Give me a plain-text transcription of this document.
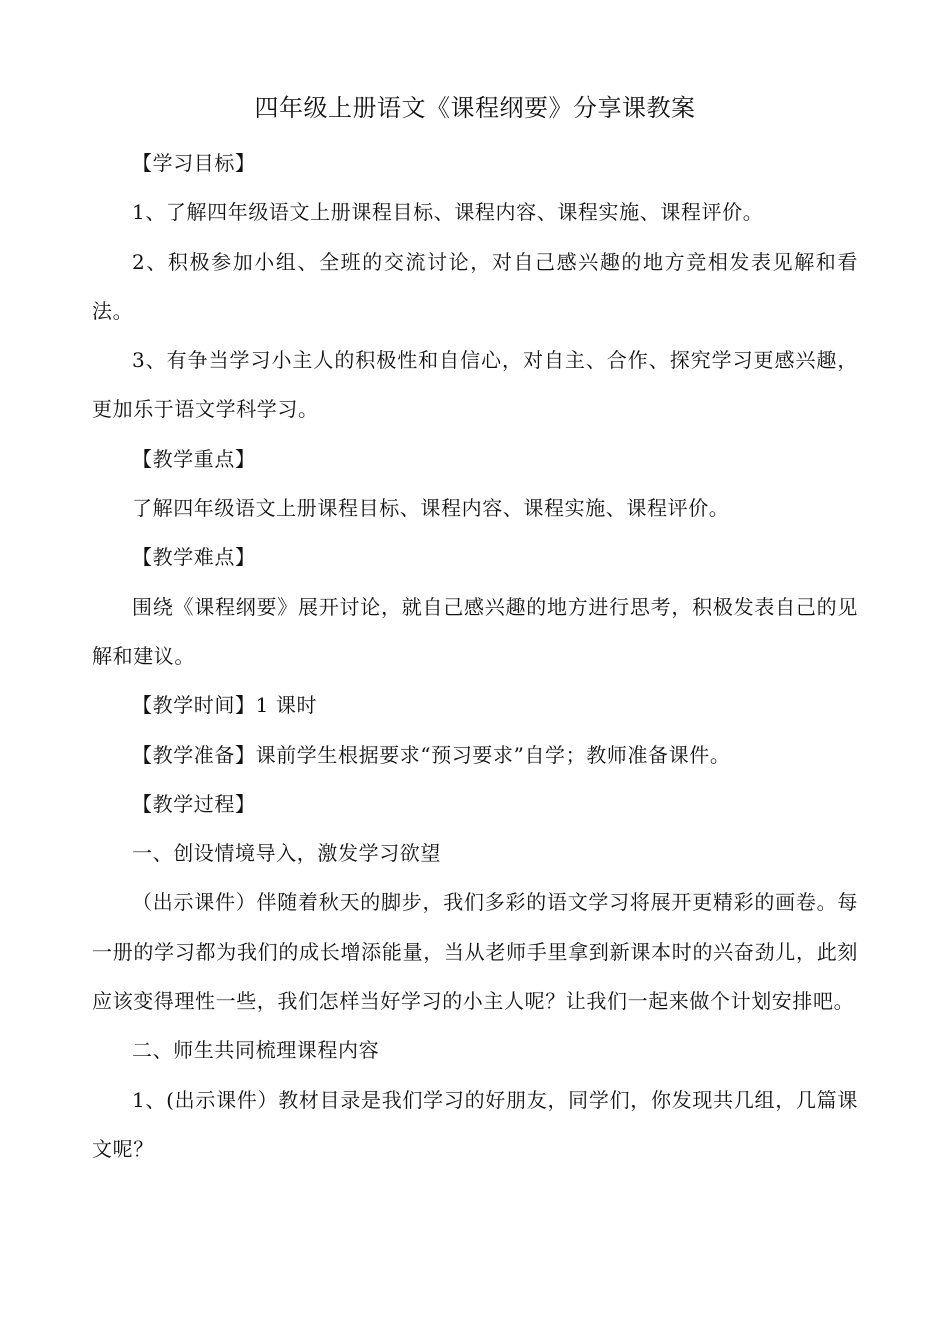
四年级上册语文《课程纲要》分享课教案

【学习目标】

1、了解四年级语文上册课程目标、课程内容、课程实施、课程评价。

2、积极参加小组、全班的交流讨论，对自己感兴趣的地方竞相发表见解和看法。

3、有争当学习小主人的积极性和自信心，对自主、合作、探究学习更感兴趣，更加乐于语文学科学习。

【教学重点】

了解四年级语文上册课程目标、课程内容、课程实施、课程评价。

【教学难点】

围绕《课程纲要》展开讨论，就自己感兴趣的地方进行思考，积极发表自己的见解和建议。

【教学时间】1 课时

【教学准备】课前学生根据要求“预习要求”自学；教师准备课件。

【教学过程】

一、创设情境导入，激发学习欲望

（出示课件）伴随着秋天的脚步，我们多彩的语文学习将展开更精彩的画卷。每一册的学习都为我们的成长增添能量，当从老师手里拿到新课本时的兴奋劲儿，此刻应该变得理性一些，我们怎样当好学习的小主人呢？让我们一起来做个计划安排吧。

二、师生共同梳理课程内容

1、(出示课件）教材目录是我们学习的好朋友，同学们，你发现共几组，几篇课文呢？
